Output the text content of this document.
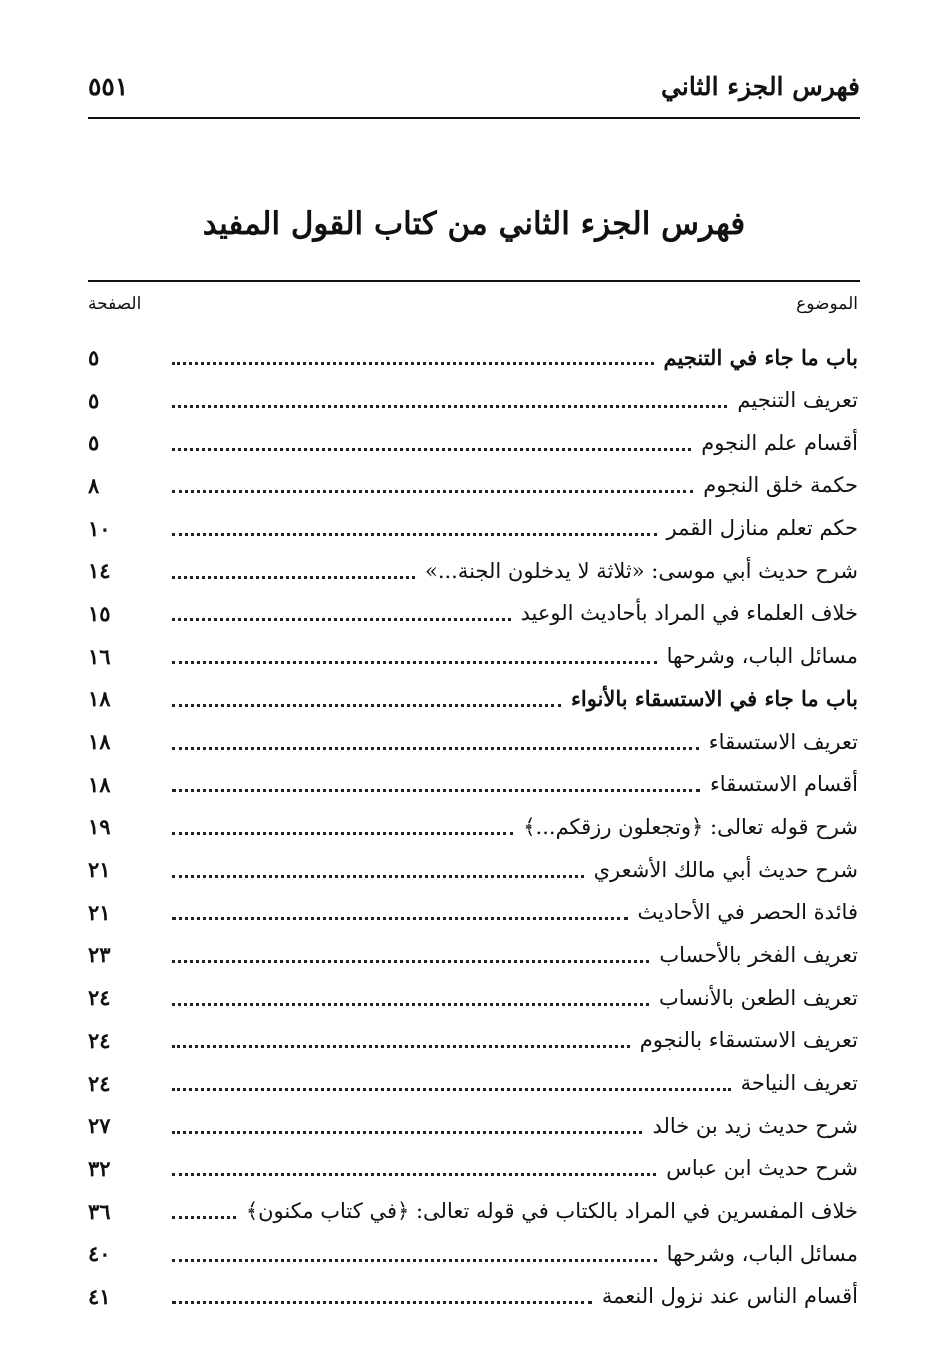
فهرس الجزء الثاني
٥٥١
فهرس الجزء الثاني من كتاب القول المفيد
الموضوع
الصفحة
باب ما جاء في التنجيم
٥
تعريف التنجيم
٥
أقسام علم النجوم
٥
حكمة خلق النجوم
٨
حكم تعلم منازل القمر
١٠
شرح حديث أبي موسى: «ثلاثة لا يدخلون الجنة...»
١٤
خلاف العلماء في المراد بأحاديث الوعيد
١٥
مسائل الباب، وشرحها
١٦
باب ما جاء في الاستسقاء بالأنواء
١٨
تعريف الاستسقاء
١٨
أقسام الاستسقاء
١٨
شرح قوله تعالى: ﴿وتجعلون رزقكم...﴾
١٩
شرح حديث أبي مالك الأشعري
٢١
فائدة الحصر في الأحاديث
٢١
تعريف الفخر بالأحساب
٢٣
تعريف الطعن بالأنساب
٢٤
تعريف الاستسقاء بالنجوم
٢٤
تعريف النياحة
٢٤
شرح حديث زيد بن خالد
٢٧
شرح حديث ابن عباس
٣٢
خلاف المفسرين في المراد بالكتاب في قوله تعالى: ﴿في كتاب مكنون﴾
٣٦
مسائل الباب، وشرحها
٤٠
أقسام الناس عند نزول النعمة
٤١
